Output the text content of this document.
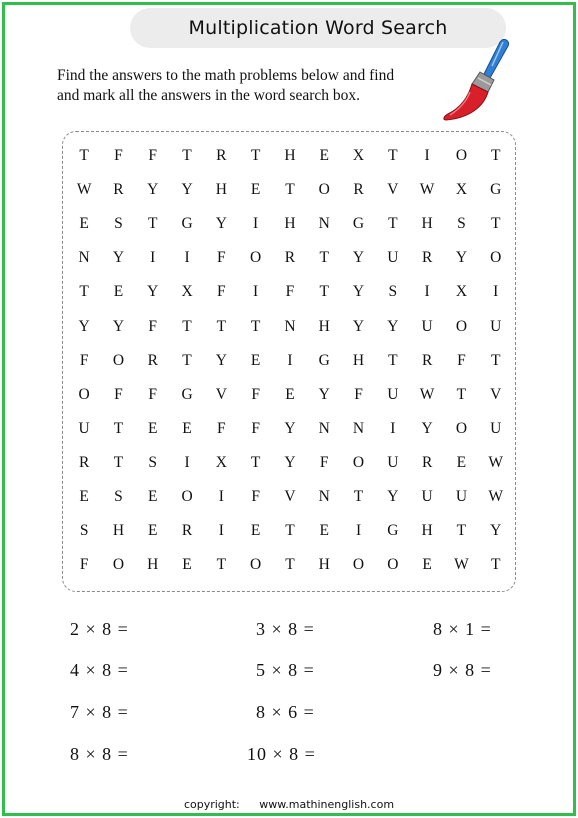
Multiplication Word Search
Find the answers to the math problems below and find
and mark all the answers in the word search box.
T	F	F	T	R	T	H	E	X	T	I	O	T
W	R	Y	Y	H	E	T	O	R	V	W	X	G
E	S	T	G	Y	I	H	N	G	T	H	S	T
N	Y	I	I	F	O	R	T	Y	U	R	Y	O
T	E	Y	X	F	I	F	T	Y	S	I	X	I
Y	Y	F	T	T	T	N	H	Y	Y	U	O	U
F	O	R	T	Y	E	I	G	H	T	R	F	T
O	F	F	G	V	F	E	Y	F	U	W	T	V
U	T	E	E	F	F	Y	N	N	I	Y	O	U
R	T	S	I	X	T	Y	F	O	U	R	E	W
E	S	E	O	I	F	V	N	T	Y	U	U	W
S	H	E	R	I	E	T	E	I	G	H	T	Y
F	O	H	E	T	O	T	H	O	O	E	W	T
2 × 8 =	3 × 8 =	8 × 1 =
4 × 8 =	5 × 8 =	9 × 8 =
7 × 8 =	8 × 6 =
8 × 8 =	10 × 8 =
copyright: www.mathinenglish.com
